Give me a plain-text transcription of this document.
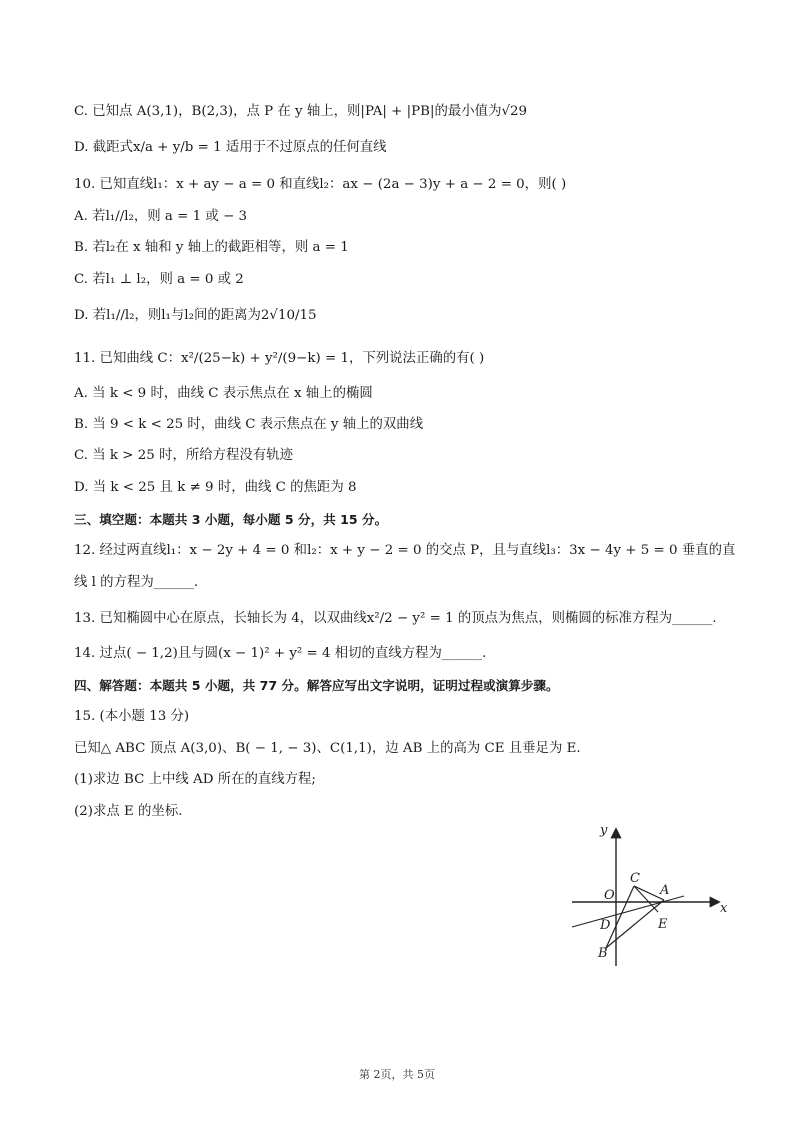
C. 已知点 A(3,1)，B(2,3)，点 P 在 y 轴上，则|PA| + |PB|的最小值为√29
D. 截距式x/a + y/b = 1 适用于不过原点的任何直线
10. 已知直线l₁：x + ay − a = 0 和直线l₂：ax − (2a − 3)y + a − 2 = 0，则( )
A. 若l₁//l₂，则 a = 1 或 − 3
B. 若l₂在 x 轴和 y 轴上的截距相等，则 a = 1
C. 若l₁ ⊥ l₂，则 a = 0 或 2
D. 若l₁//l₂，则l₁与l₂间的距离为2√10/15
11. 已知曲线 C：x²/(25−k) + y²/(9−k) = 1，下列说法正确的有( )
A. 当 k < 9 时，曲线 C 表示焦点在 x 轴上的椭圆
B. 当 9 < k < 25 时，曲线 C 表示焦点在 y 轴上的双曲线
C. 当 k > 25 时，所给方程没有轨迹
D. 当 k < 25 且 k ≠ 9 时，曲线 C 的焦距为 8
三、填空题：本题共 3 小题，每小题 5 分，共 15 分。
12. 经过两直线l₁：x − 2y + 4 = 0 和l₂：x + y − 2 = 0 的交点 P，且与直线l₃：3x − 4y + 5 = 0 垂直的直
线 l 的方程为______.
13. 已知椭圆中心在原点，长轴长为 4，以双曲线x²/2 − y² = 1 的顶点为焦点，则椭圆的标准方程为______.
14. 过点( − 1,2)且与圆(x − 1)² + y² = 4 相切的直线方程为______.
四、解答题：本题共 5 小题，共 77 分。解答应写出文字说明，证明过程或演算步骤。
15. (本小题 13 分)
已知△ ABC 顶点 A(3,0)、B( − 1, − 3)、C(1,1)，边 AB 上的高为 CE 且垂足为 E.
(1)求边 BC 上中线 AD 所在的直线方程;
(2)求点 E 的坐标.
y
x
O
C
A
D	E
B
第 2页，共 5页
